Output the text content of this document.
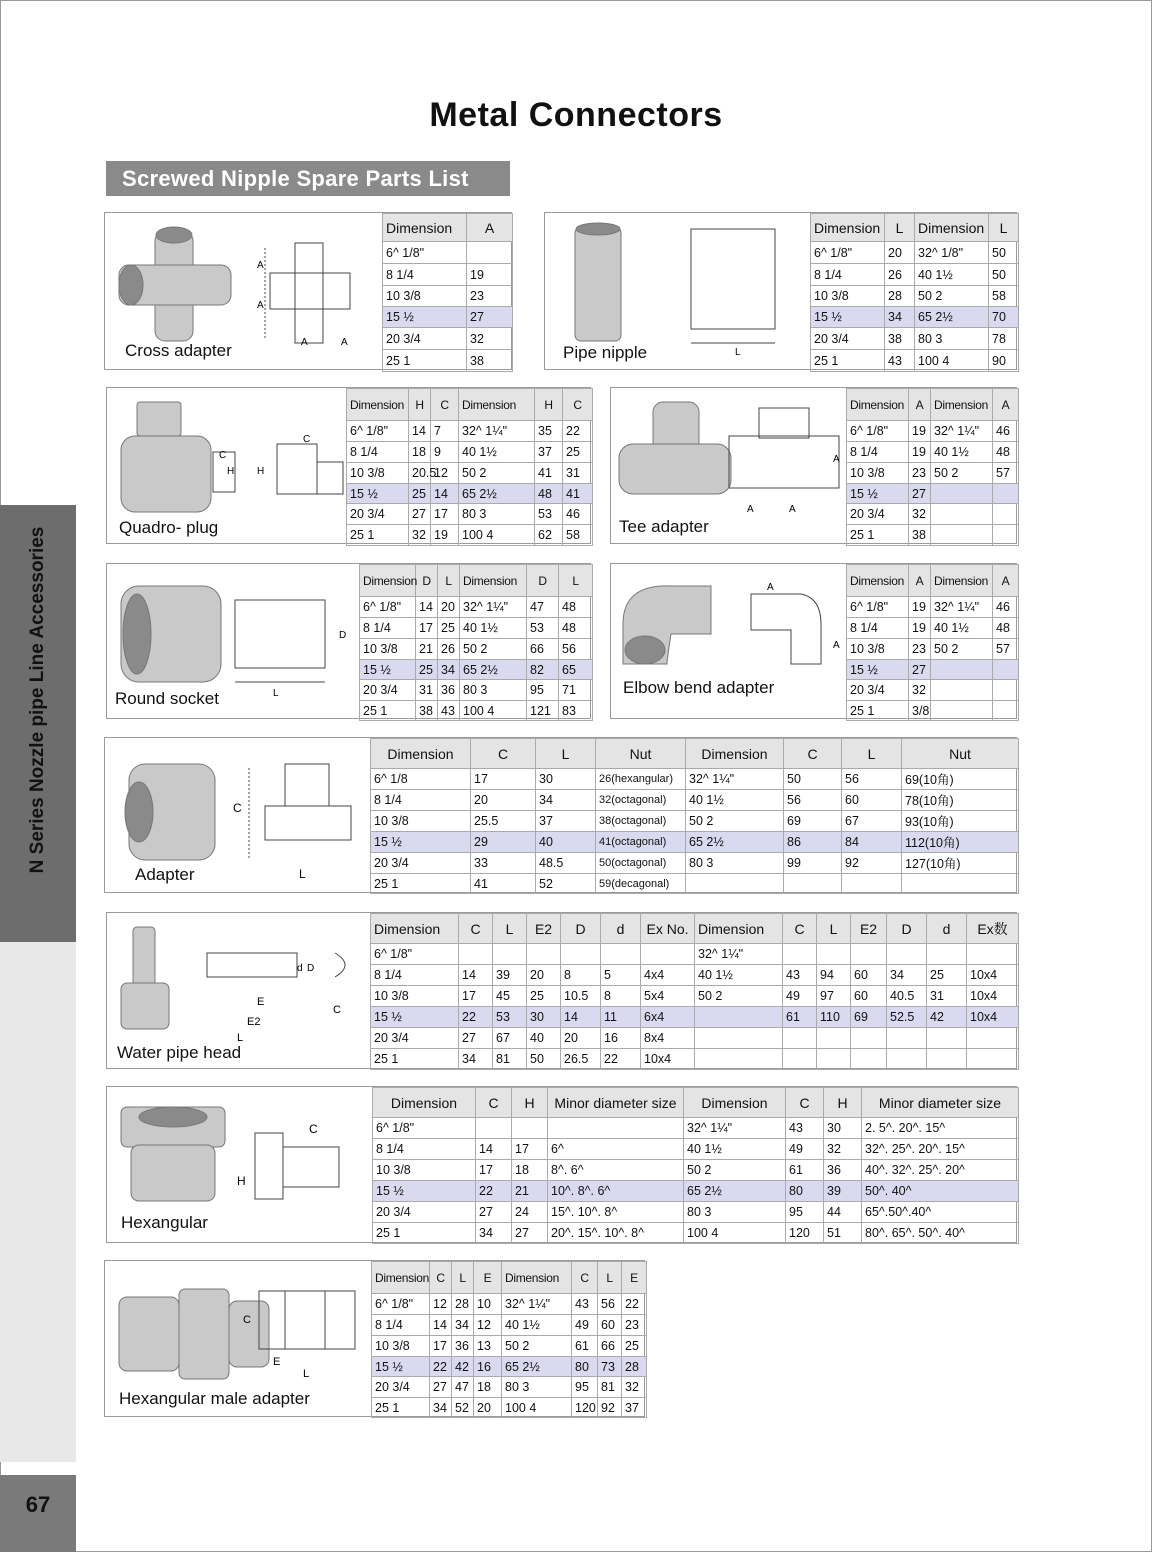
Metal Connectors
Screwed Nipple Spare Parts List
N Series Nozzle pipe Line Accessories
67
A
A
A	A
Cross adapter
Dimension	A
6^ 1/8"	
8 1/4	19
10 3/8	23
15 ½	27
20 3/4	32
25 1	38
L
Pipe nipple
Dimension	L	Dimension	L
6^ 1/8"	20	32^ 1/8"	50
8 1/4	26	40 1½	50
10 3/8	28	50 2	58
15 ½	34	65 2½	70
20 3/4	38	80 3	78
25 1	43	100 4	90
C
H
C
H
Quadro- plug
Dimension	H	C	Dimension	H	C
6^ 1/8"	14	7	32^ 1¼"	35	22
8 1/4	18	9	40 1½	37	25
10 3/8	20.5	12	50 2	41	31
15 ½	25	14	65 2½	48	41
20 3/4	27	17	80 3	53	46
25 1	32	19	100 4	62	58
A	A
A
Tee adapter
Dimension	A	Dimension	A
6^ 1/8"	19	32^ 1¼"	46
8 1/4	19	40 1½	48
10 3/8	23	50 2	57
15 ½	27		
20 3/4	32		
25 1	38		
D
L
Round socket
Dimension	D	L	Dimension	D	L
6^ 1/8"	14	20	32^ 1¼"	47	48
8 1/4	17	25	40 1½	53	48
10 3/8	21	26	50 2	66	56
15 ½	25	34	65 2½	82	65
20 3/4	31	36	80 3	95	71
25 1	38	43	100 4	121	83
A
A
Elbow bend adapter
Dimension	A	Dimension	A
6^ 1/8"	19	32^ 1¼"	46
8 1/4	19	40 1½	48
10 3/8	23	50 2	57
15 ½	27		
20 3/4	32		
25 1	3/8		
C
L
Adapter
Dimension	C	L	Nut	Dimension	C	L	Nut
6^ 1/8	17	30	26(hexangular)	32^ 1¼"	50	56	69(10角)
8 1/4	20	34	32(octagonal)	40 1½	56	60	78(10角)
10 3/8	25.5	37	38(octagonal)	50 2	69	67	93(10角)
15 ½	29	40	41(octagonal)	65 2½	86	84	112(10角)
20 3/4	33	48.5	50(octagonal)	80 3	99	92	127(10角)
25 1	41	52	59(decagonal)				
E
E2
L
C
D
d
Water pipe head
Dimension	C	L	E2	D	d	Ex No.	Dimension	C	L	E2	D	d	Ex数
6^ 1/8"							32^ 1¼"						
8 1/4	14	39	20	8	5	4x4	40 1½	43	94	60	34	25	10x4
10 3/8	17	45	25	10.5	8	5x4	50 2	49	97	60	40.5	31	10x4
15 ½	22	53	30	14	11	6x4		61	110	69	52.5	42	10x4
20 3/4	27	67	40	20	16	8x4							
25 1	34	81	50	26.5	22	10x4							
C
H
Hexangular
Dimension	C	H	Minor diameter size	Dimension	C	H	Minor diameter size
6^ 1/8"				32^ 1¼"	43	30	2. 5^. 20^. 15^
8 1/4	14	17	6^	40 1½	49	32	32^. 25^. 20^. 15^
10 3/8	17	18	8^. 6^	50 2	61	36	40^. 32^. 25^. 20^
15 ½	22	21	10^. 8^. 6^	65 2½	80	39	50^. 40^
20 3/4	27	24	15^. 10^. 8^	80 3	95	44	65^.50^.40^
25 1	34	27	20^. 15^. 10^. 8^	100 4	120	51	80^. 65^. 50^. 40^
C
E
L
Hexangular male adapter
Dimension	C	L	E	Dimension	C	L	E
6^ 1/8"	12	28	10	32^ 1¼"	43	56	22
8 1/4	14	34	12	40 1½	49	60	23
10 3/8	17	36	13	50 2	61	66	25
15 ½	22	42	16	65 2½	80	73	28
20 3/4	27	47	18	80 3	95	81	32
25 1	34	52	20	100 4	120	92	37
